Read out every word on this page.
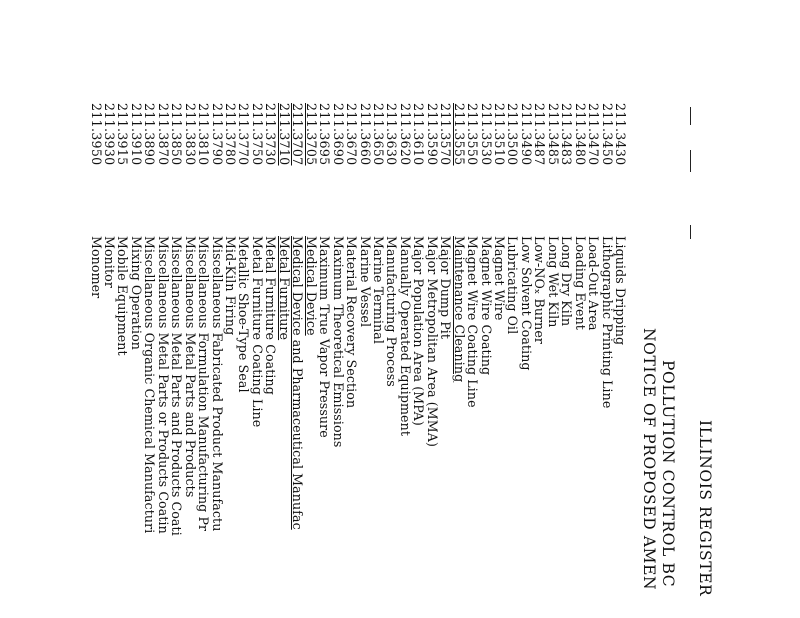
ILLINOIS REGISTER
POLLUTION CONTROL BC
NOTICE OF PROPOSED AMEN
211.3430Liquids Dripping
211.3450Lithographic Printing Line
211.3470Load-Out Area
211.3480Loading Event
211.3483Long Dry Kiln
211.3485Long Wet Kiln
211.3487Low-NOₓ Burner
211.3490Low Solvent Coating
211.3500Lubricating Oil
211.3510Magnet Wire
211.3530Magnet Wire Coating
211.3550Magnet Wire Coating Line
211.3555Maintenance Cleaning
211.3570Major Dump Pit
211.3590Major Metropolitan Area (MMA)
211.3610Major Population Area (MPA)
211.3620Manually Operated Equipment
211.3630Manufacturing Process
211.3650Marine Terminal
211.3660Marine Vessel
211.3670Material Recovery Section
211.3690Maximum Theoretical Emissions
211.3695Maximum True Vapor Pressure
211.3705Medical Device
211.3707Medical Device and Pharmaceutical Manufac
211.3710Metal Furniture
211.3730Metal Furniture Coating
211.3750Metal Furniture Coating Line
211.3770Metallic Shoe-Type Seal
211.3780Mid-Kiln Firing
211.3790Miscellaneous Fabricated Product Manufactu
211.3810Miscellaneous Formulation Manufacturing Pr
211.3830Miscellaneous Metal Parts and Products
211.3850Miscellaneous Metal Parts and Products Coati
211.3870Miscellaneous Metal Parts or Products Coatin
211.3890Miscellaneous Organic Chemical Manufacturi
211.3910Mixing Operation
211.3915Mobile Equipment
211.3930Monitor
211.3950Monomer
